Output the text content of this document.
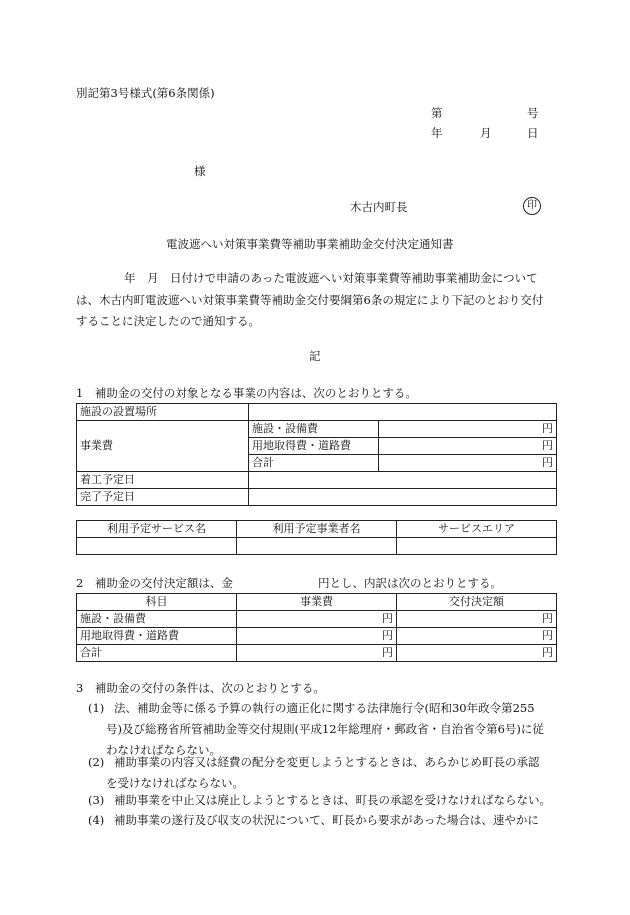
別記第3号様式(第6条関係)
第	号
年	月	日
様
木古内町長	印
電波遮へい対策事業費等補助事業補助金交付決定通知書
年　月　日付けで申請のあった電波遮へい対策事業費等補助事業補助金について
は、木古内町電波遮へい対策事業費等補助金交付要綱第6条の規定により下記のとおり交付
することに決定したので通知する。
記
1　補助金の交付の対象となる事業の内容は、次のとおりとする。
施設の設置場所		
事業費	施設・設備費	円
	用地取得費・道路費	円
	合計	円
着工予定日		
完了予定日		
利用予定サービス名	利用予定事業者名	サービスエリア

2　補助金の交付決定額は、金	円とし、内訳は次のとおりとする。
科目	事業費	交付決定額
施設・設備費	円	円
用地取得費・道路費	円	円
合計	円	円
3　補助金の交付の条件は、次のとおりとする。
(1) 法、補助金等に係る予算の執行の適正化に関する法律施行令(昭和30年政令第255
号)及び総務省所管補助金等交付規則(平成12年総理府・郵政省・自治省令第6号)に従
わなければならない。
(2) 補助事業の内容又は経費の配分を変更しようとするときは、あらかじめ町長の承認
を受けなければならない。
(3) 補助事業を中止又は廃止しようとするときは、町長の承認を受けなければならない。
(4) 補助事業の遂行及び収支の状況について、町長から要求があった場合は、速やかに
